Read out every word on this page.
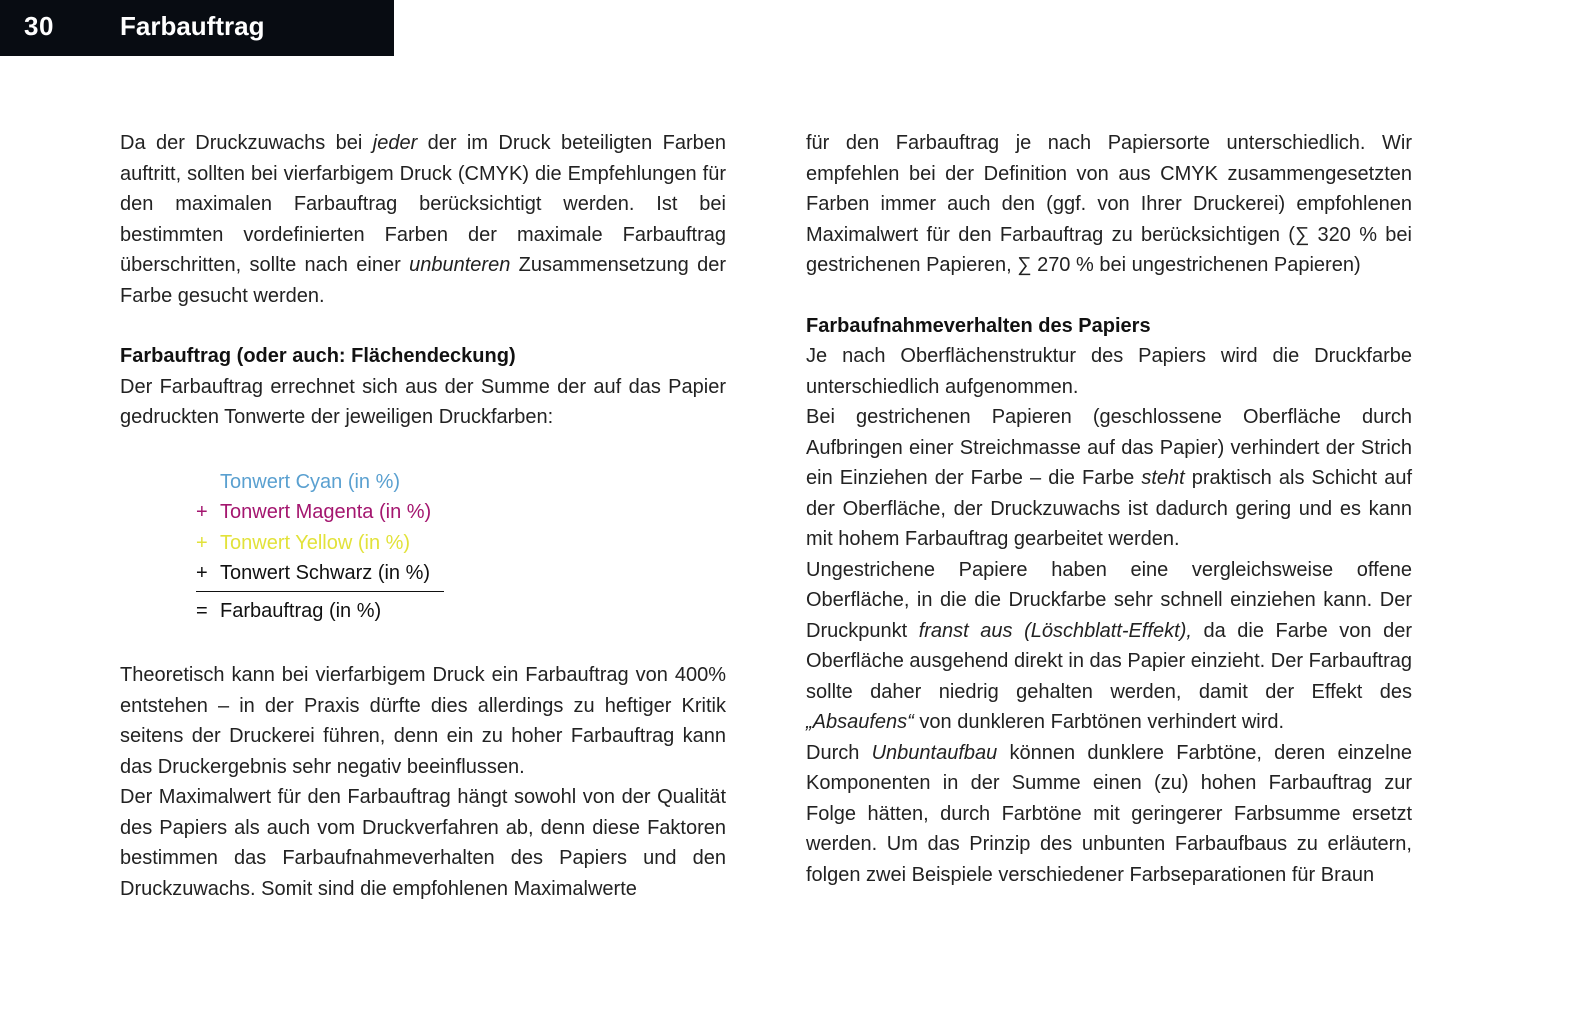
30	Farbauftrag

Da der Druckzuwachs bei jeder der im Druck beteiligten Farben auftritt, sollten bei vierfarbigem Druck (CMYK) die Empfehlungen für den maximalen Farbauftrag berücksichtigt werden. Ist bei bestimmten vordefinierten Farben der maximale Farbauftrag überschritten, sollte nach einer unbunteren Zusammensetzung der Farbe gesucht werden.

Farbauftrag (oder auch: Flächendeckung)

Der Farbauftrag errechnet sich aus der Summe der auf das Papier gedruckten Tonwerte der jeweiligen Druckfarben:

Tonwert Cyan (in %)
+ Tonwert Magenta (in %)
+ Tonwert Yellow (in %)
+ Tonwert Schwarz (in %)
= Farbauftrag (in %)

Theoretisch kann bei vierfarbigem Druck ein Farbauftrag von 400% entstehen – in der Praxis dürfte dies allerdings zu heftiger Kritik seitens der Druckerei führen, denn ein zu hoher Farbauftrag kann das Druckergebnis sehr negativ beeinflussen.

Der Maximalwert für den Farbauftrag hängt sowohl von der Qualität des Papiers als auch vom Druckverfahren ab, denn diese Faktoren bestimmen das Farbaufnahmeverhalten des Papiers und den Druckzuwachs. Somit sind die empfohlenen Maximalwerte

für den Farbauftrag je nach Papiersorte unterschiedlich. Wir empfehlen bei der Definition von aus CMYK zusammengesetzten Farben immer auch den (ggf. von Ihrer Druckerei) empfohlenen Maximalwert für den Farbauftrag zu berücksichtigen (∑ 320 % bei gestrichenen Papieren, ∑ 270 % bei ungestrichenen Papieren)

Farbaufnahmeverhalten des Papiers

Je nach Oberflächenstruktur des Papiers wird die Druckfarbe unterschiedlich aufgenommen.

Bei gestrichenen Papieren (geschlossene Oberfläche durch Aufbringen einer Streichmasse auf das Papier) verhindert der Strich ein Einziehen der Farbe – die Farbe steht praktisch als Schicht auf der Oberfläche, der Druckzuwachs ist dadurch gering und es kann mit hohem Farbauftrag gearbeitet werden.

Ungestrichene Papiere haben eine vergleichsweise offene Oberfläche, in die die Druckfarbe sehr schnell einziehen kann. Der Druckpunkt franst aus (Löschblatt-Effekt), da die Farbe von der Oberfläche ausgehend direkt in das Papier einzieht. Der Farbauftrag sollte daher niedrig gehalten werden, damit der Effekt des „Absaufens“ von dunkleren Farbtönen verhindert wird.

Durch Unbuntaufbau können dunklere Farbtöne, deren einzelne Komponenten in der Summe einen (zu) hohen Farbauftrag zur Folge hätten, durch Farbtöne mit geringerer Farbsumme ersetzt werden. Um das Prinzip des unbunten Farbaufbaus zu erläutern, folgen zwei Beispiele verschiedener Farbseparationen für Braun
